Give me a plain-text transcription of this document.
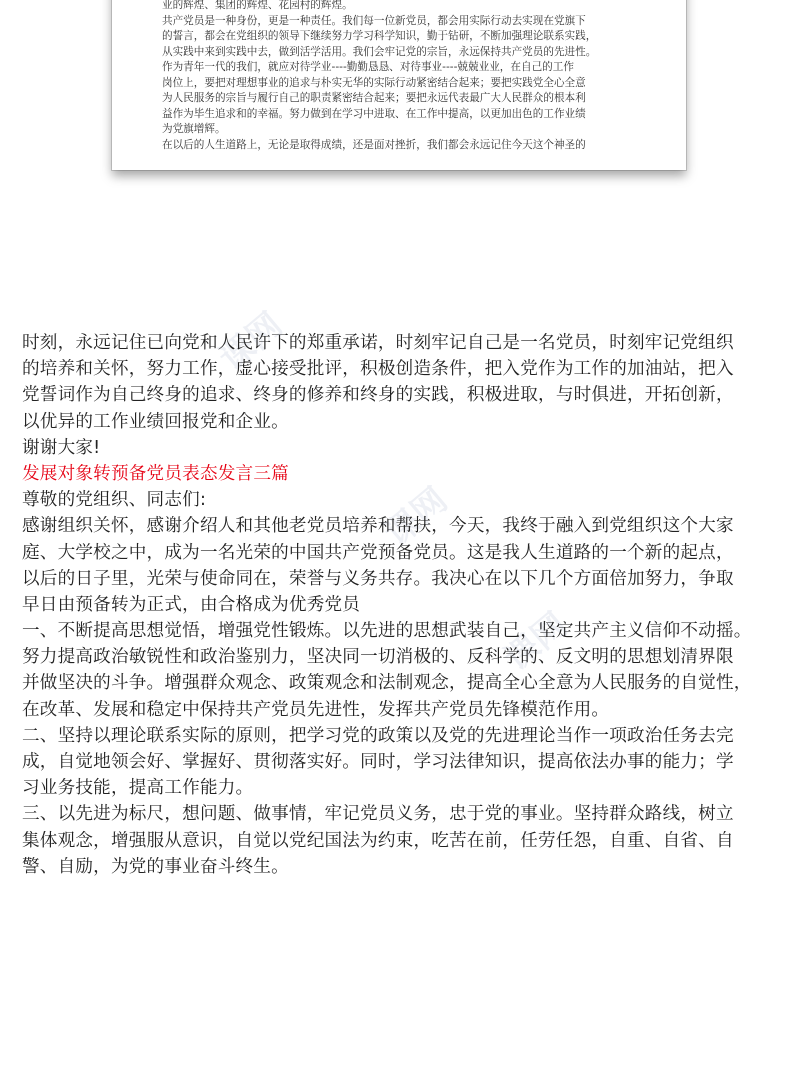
业的辉煌、集团的辉煌、花园村的辉煌。
共产党员是一种身份，更是一种责任。我们每一位新党员，都会用实际行动去实现在党旗下
的誓言，都会在党组织的领导下继续努力学习科学知识，勤于钻研，不断加强理论联系实践，
从实践中来到实践中去，做到活学活用。我们会牢记党的宗旨，永远保持共产党员的先进性。
作为青年一代的我们，就应对待学业----勤勤恳恳、对待事业----兢兢业业，在自己的工作
岗位上，要把对理想事业的追求与朴实无华的实际行动紧密结合起来；要把实践党全心全意
为人民服务的宗旨与履行自己的职责紧密结合起来；要把永远代表最广大人民群众的根本利
益作为毕生追求和的幸福。努力做到在学习中进取、在工作中提高，以更加出色的工作业绩
为党旗增辉。
在以后的人生道路上，无论是取得成绩，还是面对挫折，我们都会永远记住今天这个神圣的
课网
课网
课网
时刻，永远记住已向党和人民许下的郑重承诺，时刻牢记自己是一名党员，时刻牢记党组织
的培养和关怀，努力工作，虚心接受批评，积极创造条件，把入党作为工作的加油站，把入
党誓词作为自己终身的追求、终身的修养和终身的实践，积极进取，与时俱进，开拓创新，
以优异的工作业绩回报党和企业。
谢谢大家!
发展对象转预备党员表态发言三篇
尊敬的党组织、同志们:
感谢组织关怀，感谢介绍人和其他老党员培养和帮扶，今天，我终于融入到党组织这个大家
庭、大学校之中，成为一名光荣的中国共产党预备党员。这是我人生道路的一个新的起点，
以后的日子里，光荣与使命同在，荣誉与义务共存。我决心在以下几个方面倍加努力，争取
早日由预备转为正式，由合格成为优秀党员
一、不断提高思想觉悟，增强党性锻炼。以先进的思想武装自己，坚定共产主义信仰不动摇。
努力提高政治敏锐性和政治鉴别力，坚决同一切消极的、反科学的、反文明的思想划清界限
并做坚决的斗争。增强群众观念、政策观念和法制观念，提高全心全意为人民服务的自觉性，
在改革、发展和稳定中保持共产党员先进性，发挥共产党员先锋模范作用。
二、坚持以理论联系实际的原则，把学习党的政策以及党的先进理论当作一项政治任务去完
成，自觉地领会好、掌握好、贯彻落实好。同时，学习法律知识，提高依法办事的能力；学
习业务技能，提高工作能力。
三、以先进为标尺，想问题、做事情，牢记党员义务，忠于党的事业。坚持群众路线，树立
集体观念，增强服从意识，自觉以党纪国法为约束，吃苦在前，任劳任怨，自重、自省、自
警、自励，为党的事业奋斗终生。
